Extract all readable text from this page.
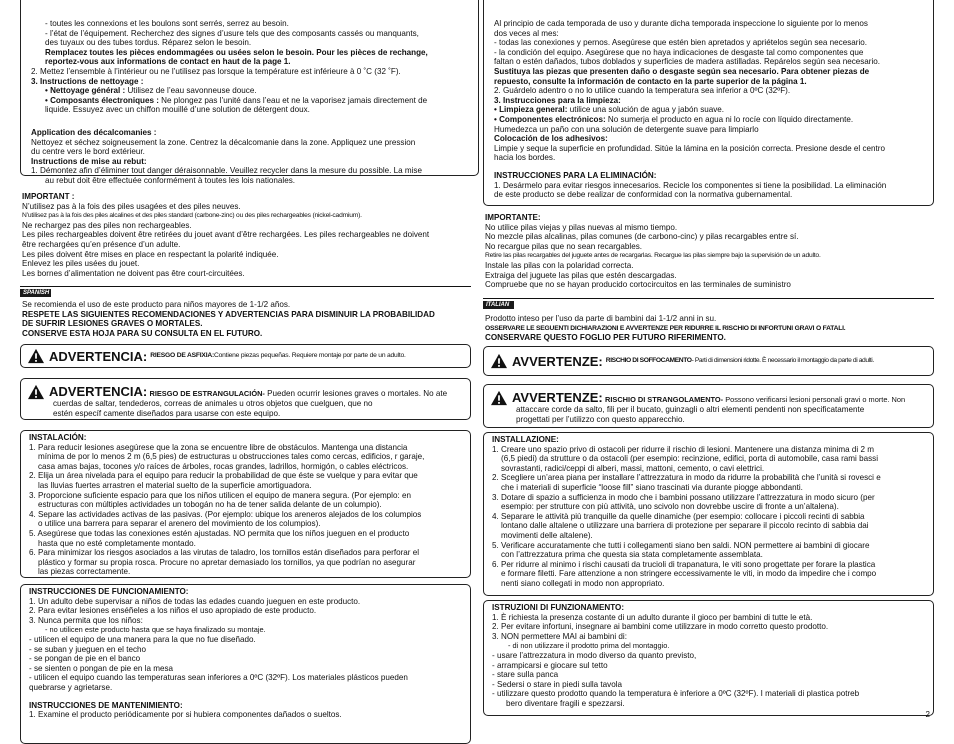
- toutes les connexions et les boulons sont serrés, serrez au besoin.

- l’état de l’équipement. Recherchez des signes d’usure tels que des composants cassés ou manquants,

des tuyaux ou des tubes tordus. Réparez selon le besoin.

Remplacez toutes les pièces endommagées ou usées selon le besoin. Pour les pièces de rechange,

reportez-vous aux informations de contact en haut de la page 1.

2. Mettez l’ensemble à l’intérieur ou ne l’utilisez pas lorsque la température est inférieure à 0 ˚C (32 ˚F).

3. Instructions de nettoyage :

• Nettoyage général : Utilisez de l’eau savonneuse douce.

• Composants électroniques : Ne plongez pas l’unité dans l’eau et ne la vaporisez jamais directement de

liquide. Essuyez avec un chiffon mouillé d’une solution de détergent doux.

Application des décalcomanies :

Nettoyez et séchez soigneusement la zone. Centrez la décalcomanie dans la zone. Appliquez une pression

du centre vers le bord extérieur.

Instructions de mise au rebut:

1. Démontez afin d’éliminer tout danger déraisonnable. Veuillez recycler dans la mesure du possible. La mise

au rebut doit être effectuée conformément à toutes les lois nationales.

IMPORTANT :

N’utilisez pas à la fois des piles usagées et des piles neuves.

N’utilisez pas à la fois des piles alcalines et des piles standard (carbone-zinc) ou des piles rechargeables (nickel-cadmium).

Ne rechargez pas des piles non rechargeables.

Les piles rechargeables doivent être retirées du jouet avant d’être rechargées. Les piles rechargeables ne doivent

être rechargées qu’en présence d’un adulte.

Les piles doivent être mises en place en respectant la polarité indiquée.

Enlevez les piles usées du jouet.

Les bornes d’alimentation ne doivent pas être court-circuitées.

SPANISH

Se recomienda el uso de este producto para niños mayores de 1-1/2 años.

RESPETE LAS SIGUIENTES RECOMENDACIONES Y ADVERTENCIAS PARA DISMINUIR LA PROBABILIDAD

DE SUFRIR LESIONES GRAVES O MORTALES.

CONSERVE ESTA HOJA PARA SU CONSULTA EN EL FUTURO.

ADVERTENCIA: RIESGO DE ASFIXIA: Contiene piezas pequeñas. Requiere montaje por parte de un adulto.

ADVERTENCIA: RIESGO DE ESTRANGULACIÓN- Pueden ocurrir lesiones graves o mortales. No ate

cuerdas de saltar, tendederos, correas de animales u otros objetos que cuelguen, que no

estén específ camente diseñados para usarse con este equipo.

INSTALACIÓN:

1. Para reducir lesiones asegúrese que la zona se encuentre libre de obstáculos. Mantenga una distancia

mínima de por lo menos 2 m (6,5 pies) de estructuras u obstrucciones tales como cercas, edificios, r garaje,

casa amas bajas, tocones y/o raíces de árboles, rocas grandes, ladrillos, hormigón, o cables eléctricos.

2. Elija un área nivelada para el equipo para reducir la probabilidad de que éste se vuelque y para evitar que

las lluvias fuertes arrastren el material suelto de la superficie amortiguadora.

3. Proporcione suficiente espacio para que los niños utilicen el equipo de manera segura. (Por ejemplo: en

estructuras con múltiples actividades un tobogán no ha de tener salida delante de un columpio).

4. Separe las actividades activas de las pasivas. (Por ejemplo: ubique los areneros alejados de los columpios

o utilice una barrera para separar el arenero del movimiento de los columpios).

5. Asegúrese que todas las conexiones estén ajustadas. NO permita que los niños jueguen en el producto

hasta que no esté completamente montado.

6. Para minimizar los riesgos asociados a las virutas de taladro, los tornillos están diseñados para perforar el

plástico y formar su propia rosca. Procure no apretar demasiado los tornillos, ya que podrían no asegurar

las piezas correctamente.

INSTRUCCIONES DE FUNCIONAMIENTO:

1. Un adulto debe supervisar a niños de todas las edades cuando jueguen en este producto.

2. Para evitar lesiones enséñeles a los niños el uso apropiado de este producto.

3. Nunca permita que los niños:

- no utilicen este producto hasta que se haya finalizado su montaje.

- utilicen el equipo de una manera para la que no fue diseñado.

- se suban y jueguen en el techo

- se pongan de pie en el banco

- se sienten o pongan de pie en la mesa

- utilicen el equipo cuando las temperaturas sean inferiores a 0ºC (32ºF). Los materiales plásticos pueden

quebrarse y agrietarse.

INSTRUCCIONES DE MANTENIMIENTO:

1. Examine el producto periódicamente por si hubiera componentes dañados o sueltos.

Al principio de cada temporada de uso y durante dicha temporada inspeccione lo siguiente por lo menos

dos veces al mes:

- todas las conexiones y pernos. Asegúrese que estén bien apretados y apriételos según sea necesario.

- la condición del equipo. Asegúrese que no haya indicaciones de desgaste tal como componentes que

faltan o estén dañados, tubos doblados y superficies de madera astilladas. Repárelos según sea necesario.

Sustituya las piezas que presenten daño o desgaste según sea necesario. Para obtener piezas de

repuesto, consulte la información de contacto en la parte superior de la página 1.

2. Guárdelo adentro o no lo utilice cuando la temperatura sea inferior a 0ºC (32ºF).

3. Instrucciones para la limpieza:

• Limpieza general: utilice una solución de agua y jabón suave.

• Componentes electrónicos: No sumerja el producto en agua ni lo rocíe con líquido directamente.

Humedezca un paño con una solución de detergente suave para limpiarlo

Colocación de los adhesivos:

Limpie y seque la superficie en profundidad. Sitúe la lámina en la posición correcta. Presione desde el centro

hacia los bordes.

INSTRUCCIONES PARA LA ELIMINACIÓN:

1. Desármelo para evitar riesgos innecesarios. Recicle los componentes si tiene la posibilidad. La eliminación

de este producto se debe realizar de conformidad con la normativa gubernamental.

IMPORTANTE:

No utilice pilas viejas y pilas nuevas al mismo tiempo.

No mezcle pilas alcalinas, pilas comunes (de carbono-cinc) y pilas recargables entre sí.

No recargue pilas que no sean recargables.

Retire las pilas recargables del juguete antes de recargarlas. Recargue las pilas siempre bajo la supervisión de un adulto.

Instale las pilas con la polaridad correcta.

Extraiga del juguete las pilas que estén descargadas.

Compruebe que no se hayan producido cortocircuitos en las terminales de suministro

ITALIAN

Prodotto inteso per l’uso da parte di bambini dai 1-1/2 anni in su.

OSSERVARE LE SEGUENTI DICHIARAZIONI E AVVERTENZE PER RIDURRE IL RISCHIO DI INFORTUNI GRAVI O FATALI.

CONSERVARE QUESTO FOGLIO PER FUTURO RIFERIMENTO.

AVVERTENZE: RISCHIO DI SOFFOCAMENTO - Parti di dimensioni ridotte. È necessario il montaggio da parte di adulti.

AVVERTENZE: RISCHIO DI STRANGOLAMENTO- Possono verificarsi lesioni personali gravi o morte. Non

attaccare corde da salto, fili per il bucato, guinzagli o altri elementi pendenti non specificatamente

progettati per l’utilizzo con questo apparecchio.

INSTALLAZIONE:

1. Creare uno spazio privo di ostacoli per ridurre il rischio di lesioni. Mantenere una distanza minima di 2 m

(6,5 piedi) da strutture o da ostacoli (per esempio: recinzione, edifici, porta di automobile, casa rami bassi

sovrastanti, radici/ceppi di alberi, massi, mattoni, cemento, o cavi elettrici.

2. Scegliere un’area piana per installare l’attrezzatura in modo da ridurre la probabilità che l’unità si rovesci e

che i materiali di superficie “loose fill” siano trascinati via durante piogge abbondanti.

3. Dotare di spazio a sufficienza in modo che i bambini possano utilizzare l’attrezzatura in modo sicuro (per

esempio: per strutture con più attività, uno scivolo non dovrebbe uscire di fronte a un’altalena).

4. Separare le attività più tranquille da quelle dinamiche (per esempio: collocare i piccoli recinti di sabbia

lontano dalle altalene o utilizzare una barriera di protezione per separare il piccolo recinto di sabbia dai

movimenti delle altalene).

5. Verificare accuratamente che tutti i collegamenti siano ben saldi. NON permettere ai bambini di giocare

con l’attrezzatura prima che questa sia stata completamente assemblata.

6. Per ridurre al minimo i rischi causati da trucioli di trapanatura, le viti sono progettate per forare la plastica

e formare filetti. Fare attenzione a non stringere eccessivamente le viti, in modo da impedire che i compo

nenti siano collegati in modo non appropriato.

ISTRUZIONI DI FUNZIONAMENTO:

1. È richiesta la presenza costante di un adulto durante il gioco per bambini di tutte le età.

2. Per evitare infortuni, insegnare ai bambini come utilizzare in modo corretto questo prodotto.

3. NON permettere MAI ai bambini di:

- di non utilizzare il prodotto prima del montaggio.

- usare l’attrezzatura in modo diverso da quanto previsto,

- arrampicarsi e giocare sul tetto

- stare sulla panca

- Sedersi o stare in piedi sulla tavola

- utilizzare questo prodotto quando la temperatura è inferiore a 0ºC (32ºF). I materiali di plastica potreb

bero diventare fragili e spezzarsi.

2
